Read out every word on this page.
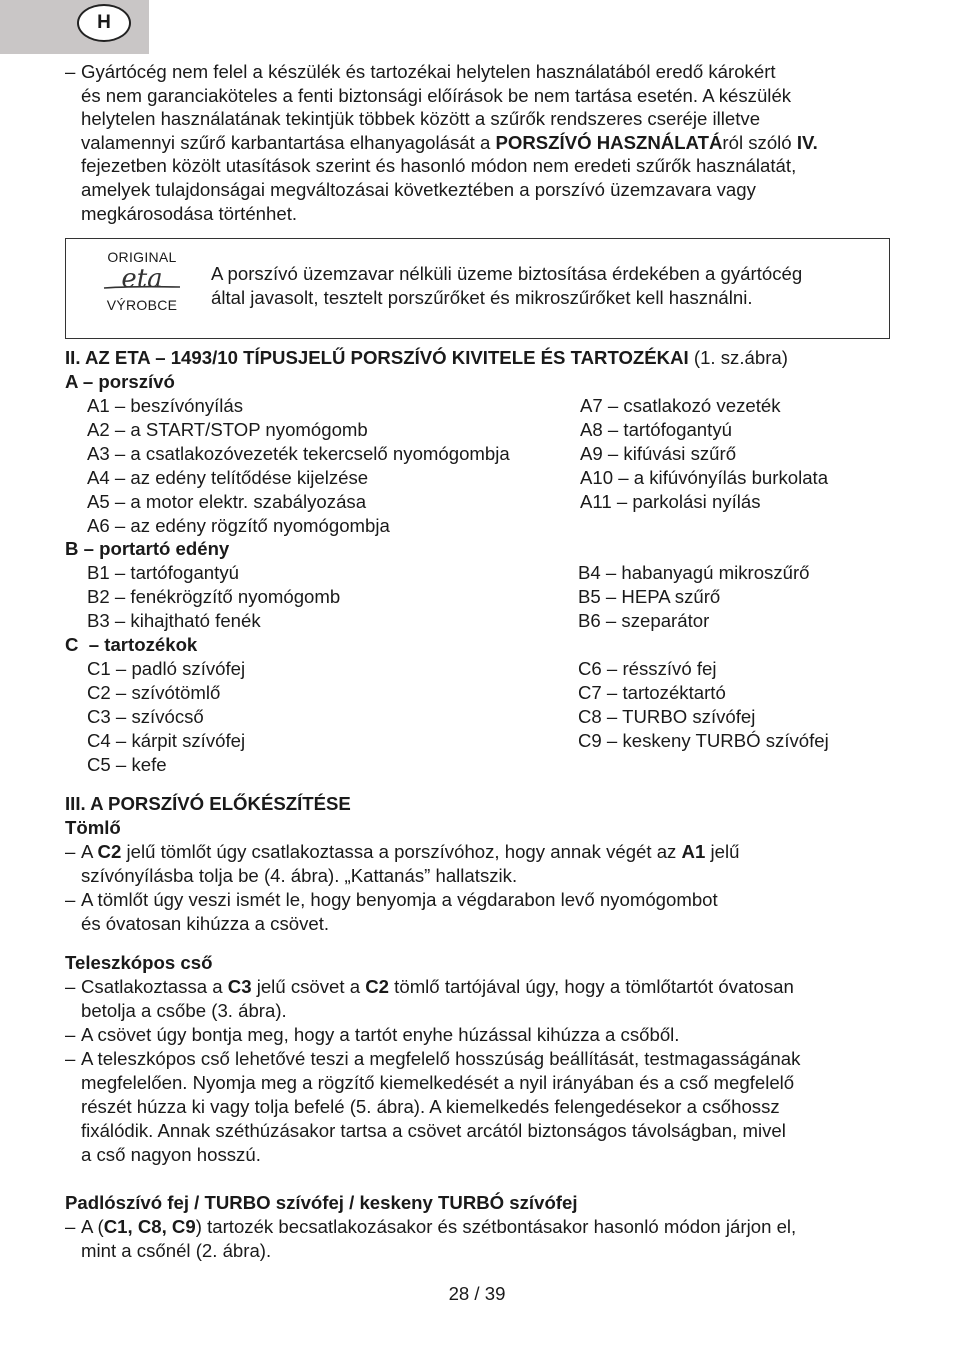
H
– Gyártócég nem felel a készülék és tartozékai helytelen használatából eredő károkért
és nem garanciaköteles a fenti biztonsági előírások be nem tartása esetén. A készülék
helytelen használatának tekintjük többek között a szűrők rendszeres cseréje illetve
valamennyi szűrő karbantartása elhanyagolását a PORSZÍVÓ HASZNÁLATÁról szóló IV.
fejezetben közölt utasítások szerint és hasonló módon nem eredeti szűrők használatát,
amelyek tulajdonságai megváltozásai következtében a porszívó üzemzavara vagy
megkárosodása történhet.
ORIGINAL
eta
VÝROBCE
A porszívó üzemzavar nélküli üzeme biztosítása érdekében a gyártócég
által javasolt, tesztelt porszűrőket és mikroszűrőket kell használni.
II. AZ ETA – 1493/10 TÍPUSJELŰ PORSZÍVÓ KIVITELE ÉS TARTOZÉKAI (1. sz.ábra)
A – porszívó
A1 – beszívónyílás
A2 – a START/STOP nyomógomb
A3 – a csatlakozóvezeték tekercselő nyomógombja
A4 – az edény telítődése kijelzése
A5 – a motor elektr. szabályozása
A6 – az edény rögzítő nyomógombja
A7 – csatlakozó vezeték
A8 – tartófogantyú
A9 – kifúvási szűrő
A10 – a kifúvónyílás burkolata
A11 – parkolási nyílás
B – portartó edény
B1 – tartófogantyú
B2 – fenékrögzítő nyomógomb
B3 – kihajtható fenék
B4 – habanyagú mikroszűrő
B5 – HEPA szűrő
B6 – szeparátor
C  – tartozékok
C1 – padló szívófej
C2 – szívótömlő
C3 – szívócső
C4 – kárpit szívófej
C5 – kefe
C6 – résszívó fej
C7 – tartozéktartó
C8 – TURBO szívófej
C9 – keskeny TURBÓ szívófej
III. A PORSZÍVÓ ELŐKÉSZÍTÉSE
Tömlő
– A C2 jelű tömlőt úgy csatlakoztassa a porszívóhoz, hogy annak végét az A1 jelű
szívónyílásba tolja be (4. ábra). „Kattanás” hallatszik.
– A tömlőt úgy veszi ismét le, hogy benyomja a végdarabon levő nyomógombot
és óvatosan kihúzza a csövet.
Teleszkópos cső
– Csatlakoztassa a C3 jelű csövet a C2 tömlő tartójával úgy, hogy a tömlőtartót óvatosan
betolja a csőbe (3. ábra).
– A csövet úgy bontja meg, hogy a tartót enyhe húzással kihúzza a csőből.
– A teleszkópos cső lehetővé teszi a megfelelő hosszúság beállítását, testmagasságának
megfelelően. Nyomja meg a rögzítő kiemelkedését a nyil irányában és a cső megfelelő
részét húzza ki vagy tolja befelé (5. ábra). A kiemelkedés felengedésekor a csőhossz
fixálódik. Annak széthúzásakor tartsa a csövet arcától biztonságos távolságban, mivel
a cső nagyon hosszú.
Padlószívó fej / TURBO szívófej / keskeny TURBÓ szívófej
– A (C1, C8, C9) tartozék becsatlakozásakor és szétbontásakor hasonló módon járjon el,
mint a csőnél (2. ábra).
28 / 39
